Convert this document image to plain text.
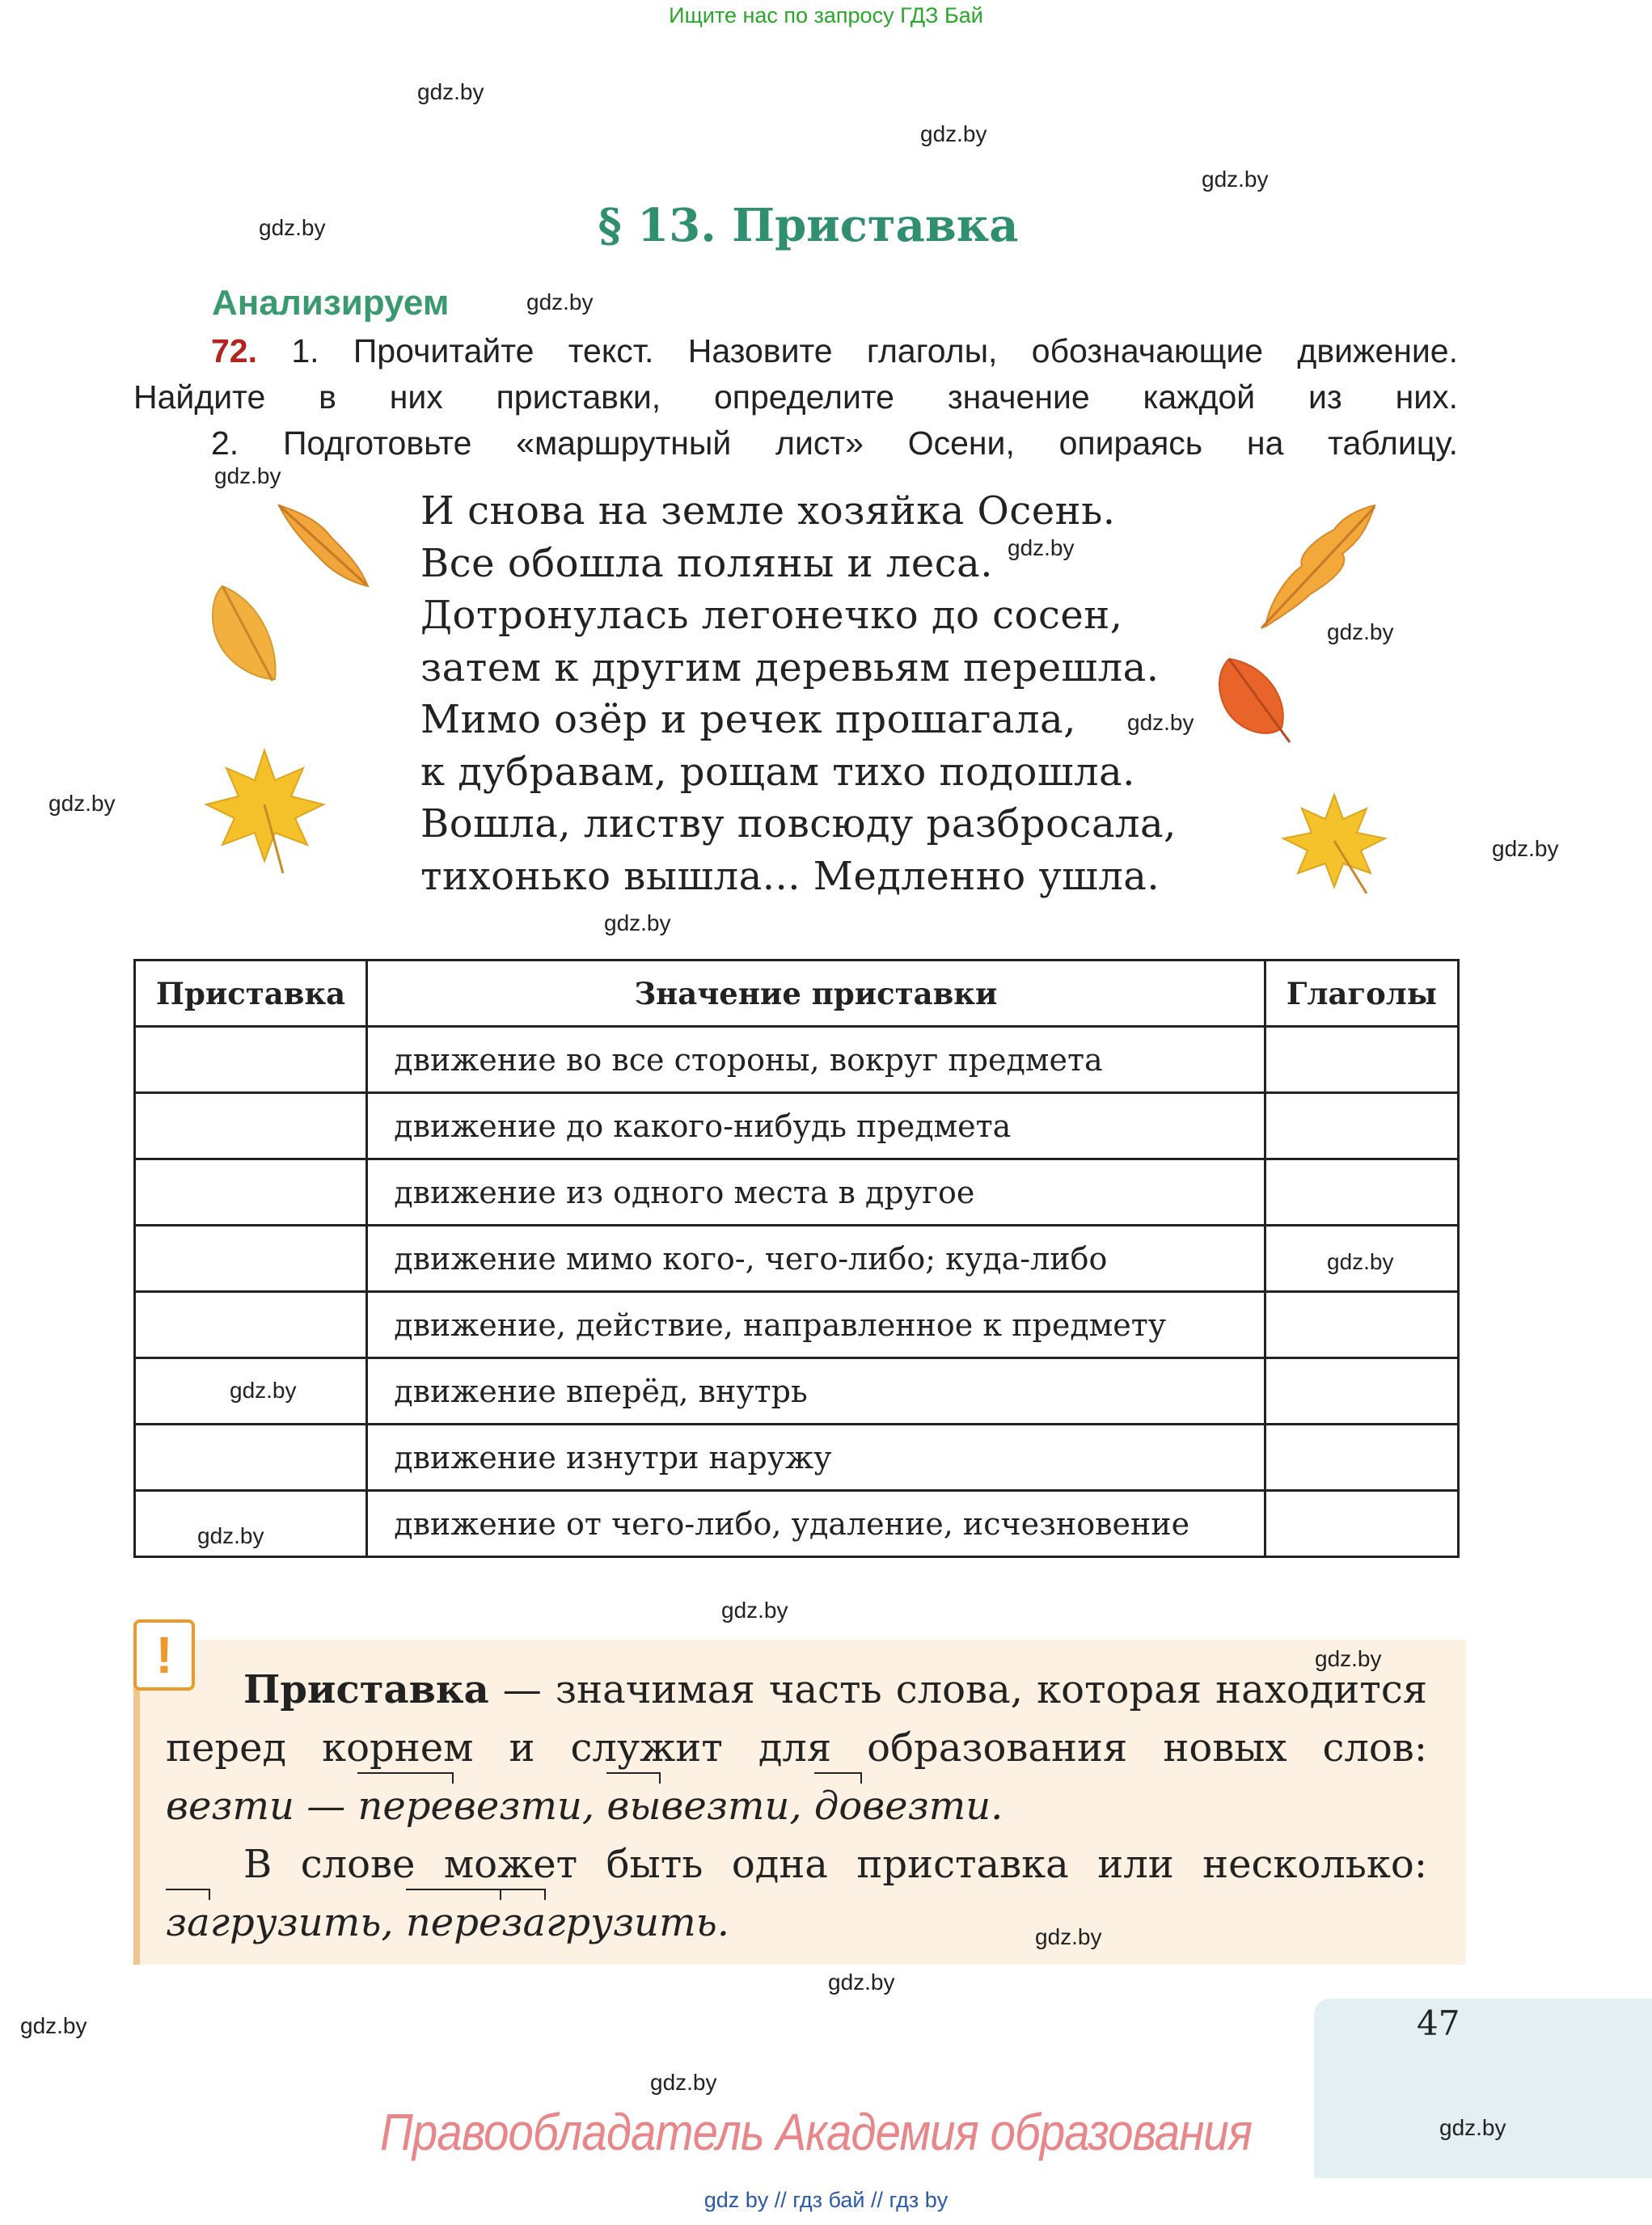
Ищите нас по запросу ГДЗ Бай
gdz.by
gdz.by
gdz.by
gdz.by
gdz.by
gdz.by
gdz.by
gdz.by
gdz.by
gdz.by
gdz.by
gdz.by
gdz.by
gdz.by
gdz.by
gdz.by
gdz.by
gdz.by
gdz.by
gdz.by
gdz.by
§ 13. Приставка
Анализируем

72. 1. Прочитайте текст. Назовите глаголы, обозначающие движение.

Найдите в них приставки, определите значение каждой из них.

2. Подготовьте «маршрутный лист» Осени, опираясь на таблицу.

И снова на земле хозяйка Осень.
Все обошла поляны и леса.
Дотронулась легонечко до сосен,
затем к другим деревьям перешла.
Мимо озёр и речек прошагала,
к дубравам, рощам тихо подошла.
Вошла, листву повсюду разбросала,
тихонько вышла... Медленно ушла.
Приставка	Значение приставки	Глаголы
	движение во все стороны, вокруг предмета	
	движение до какого-нибудь предмета	
	движение из одного места в другое	
	движение мимо кого-, чего-либо; куда-либо	
	движение, действие, направленное к предмету	
	движение вперёд, внутрь	
	движение изнутри наружу	
	движение от чего-либо, удаление, исчезновение	
!

Приставка — значимая часть слова, которая находится

перед корнем и служит для образования новых слов:

везти — перевезти, вывезти, довезти.

В слове может быть одна приставка или несколько:

загрузить, перезагрузить.

47
gdz.by
Правообладатель Академия образования
gdz by // гдз бай // гдз by
